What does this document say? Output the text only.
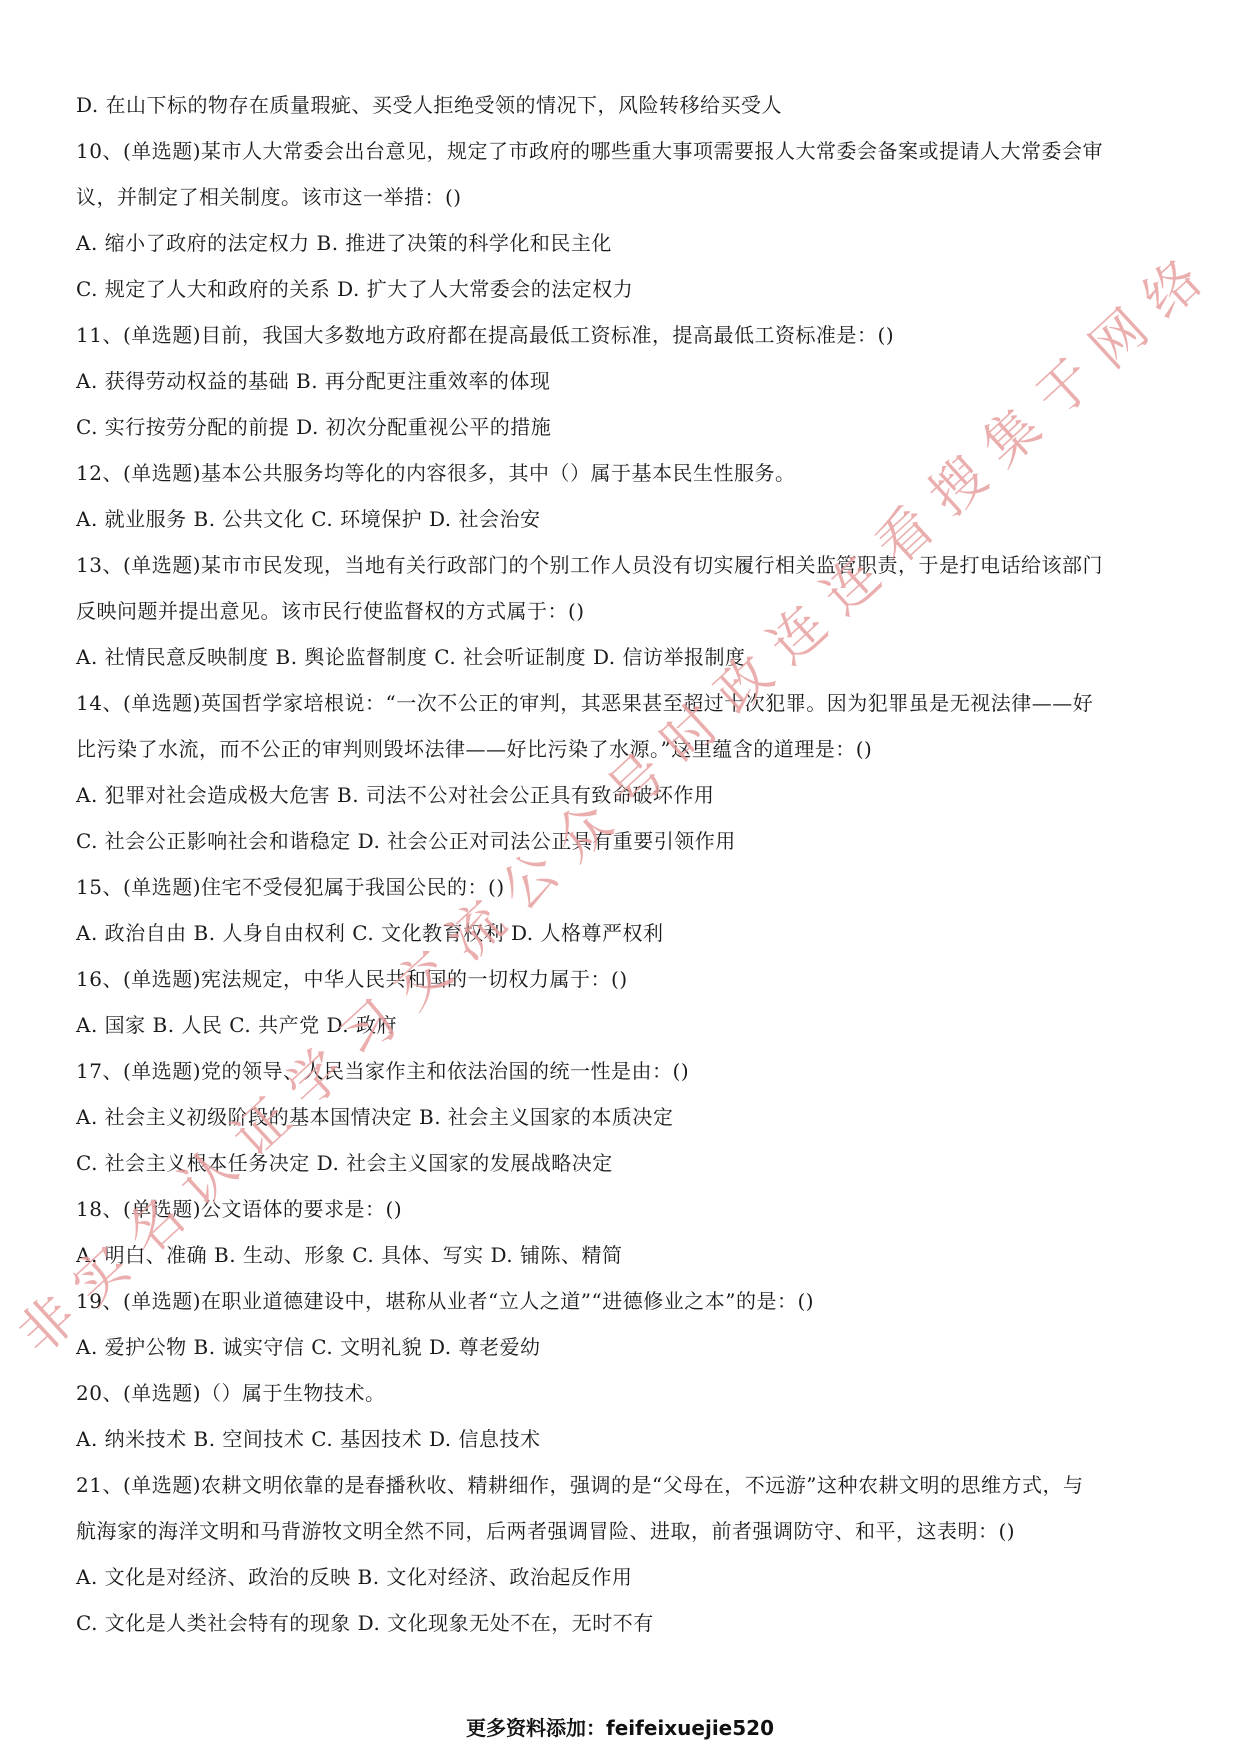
D. 在山下标的物存在质量瑕疵、买受人拒绝受领的情况下，风险转移给买受人
10、(单选题)某市人大常委会出台意见，规定了市政府的哪些重大事项需要报人大常委会备案或提请人大常委会审
议，并制定了相关制度。该市这一举措：()
A. 缩小了政府的法定权力 B. 推进了决策的科学化和民主化
C. 规定了人大和政府的关系 D. 扩大了人大常委会的法定权力
11、(单选题)目前，我国大多数地方政府都在提高最低工资标准，提高最低工资标准是：()
A. 获得劳动权益的基础 B. 再分配更注重效率的体现
C. 实行按劳分配的前提 D. 初次分配重视公平的措施
12、(单选题)基本公共服务均等化的内容很多，其中（）属于基本民生性服务。
A. 就业服务 B. 公共文化 C. 环境保护 D. 社会治安
13、(单选题)某市市民发现，当地有关行政部门的个别工作人员没有切实履行相关监管职责，于是打电话给该部门
反映问题并提出意见。该市民行使监督权的方式属于：()
A. 社情民意反映制度 B. 舆论监督制度 C. 社会听证制度 D. 信访举报制度
14、(单选题)英国哲学家培根说：“一次不公正的审判，其恶果甚至超过十次犯罪。因为犯罪虽是无视法律——好
比污染了水流，而不公正的审判则毁坏法律——好比污染了水源。”这里蕴含的道理是：()
A. 犯罪对社会造成极大危害 B. 司法不公对社会公正具有致命破坏作用
C. 社会公正影响社会和谐稳定 D. 社会公正对司法公正具有重要引领作用
15、(单选题)住宅不受侵犯属于我国公民的：()
A. 政治自由 B. 人身自由权利 C. 文化教育权利 D. 人格尊严权利
16、(单选题)宪法规定，中华人民共和国的一切权力属于：()
A. 国家 B. 人民 C. 共产党 D. 政府
17、(单选题)党的领导、人民当家作主和依法治国的统一性是由：()
A. 社会主义初级阶段的基本国情决定 B. 社会主义国家的本质决定
C. 社会主义根本任务决定 D. 社会主义国家的发展战略决定
18、(单选题)公文语体的要求是：()
A. 明白、准确 B. 生动、形象 C. 具体、写实 D. 铺陈、精简
19、(单选题)在职业道德建设中，堪称从业者“立人之道”“进德修业之本”的是：()
A. 爱护公物 B. 诚实守信 C. 文明礼貌 D. 尊老爱幼
20、(单选题)（）属于生物技术。
A. 纳米技术 B. 空间技术 C. 基因技术 D. 信息技术
21、(单选题)农耕文明依靠的是春播秋收、精耕细作，强调的是“父母在，不远游”这种农耕文明的思维方式，与
航海家的海洋文明和马背游牧文明全然不同，后两者强调冒险、进取，前者强调防守、和平，这表明：()
A. 文化是对经济、政治的反映 B. 文化对经济、政治起反作用
C. 文化是人类社会特有的现象 D. 文化现象无处不在，无时不有
更多资料添加：feifeixuejie520
非
实
名
认
证
学
习
交
流
公
众
号
时
政
连
连
看
搜
集
于
网
络
